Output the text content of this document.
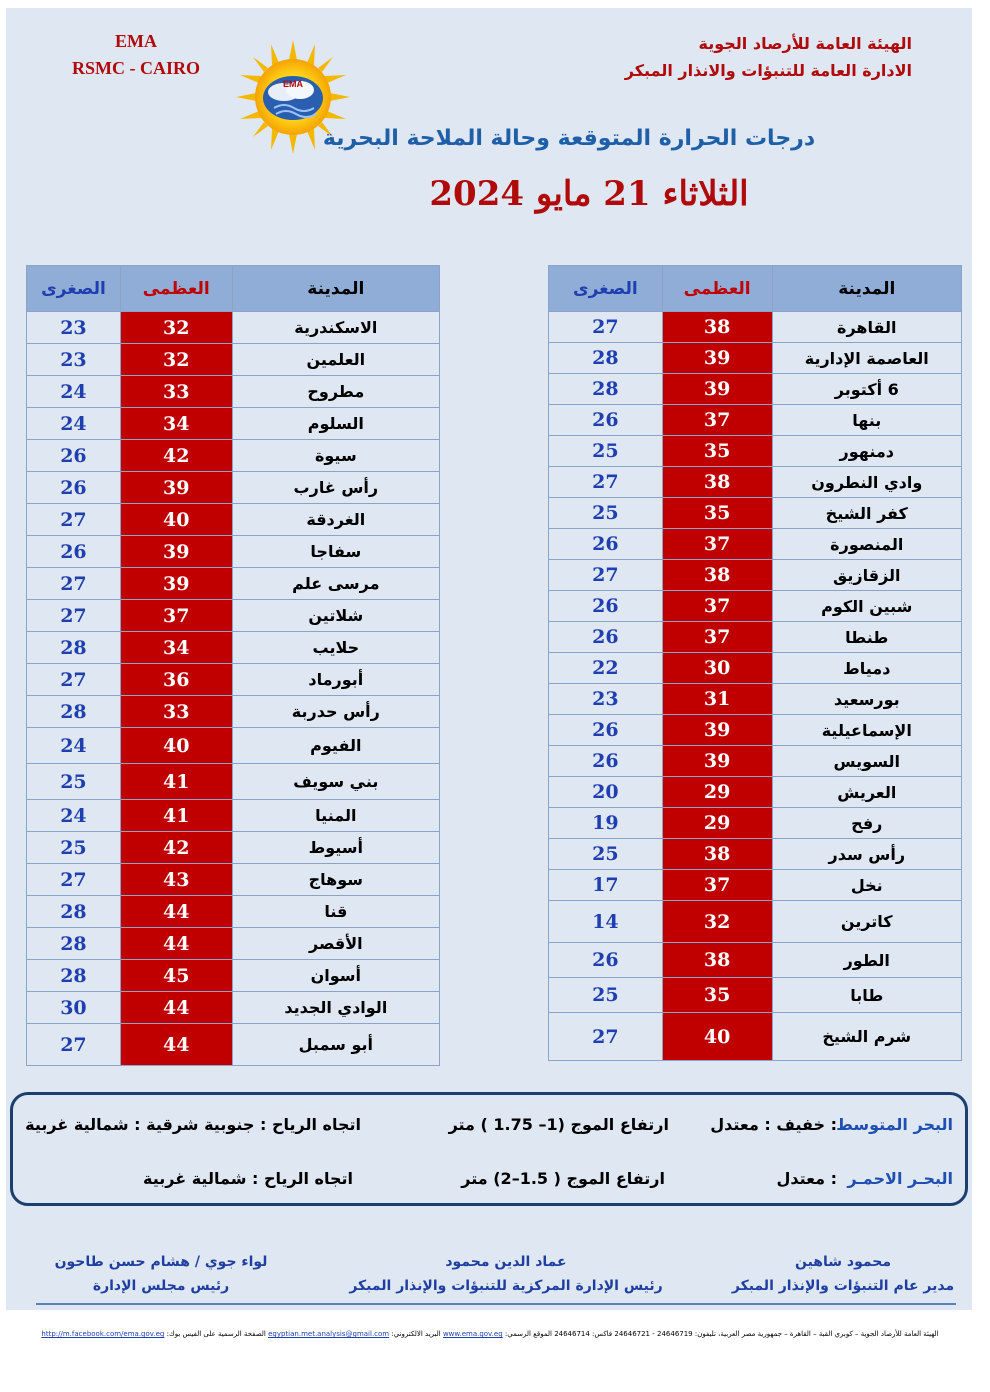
EMA
RSMC - CAIRO
EMA
الهيئة العامة للأرصاد الجوية
الادارة العامة للتنبؤات والانذار المبكر
درجات الحرارة المتوقعة وحالة الملاحة البحرية
الثلاثاء 21 مايو 2024
المدينة	العظمى	الصغرى
القاهرة	38	27
العاصمة الإدارية	39	28
6 أكتوبر	39	28
بنها	37	26
دمنهور	35	25
وادي النطرون	38	27
كفر الشيخ	35	25
المنصورة	37	26
الزقازيق	38	27
شبين الكوم	37	26
طنطا	37	26
دمياط	30	22
بورسعيد	31	23
الإسماعيلية	39	26
السويس	39	26
العريش	29	20
رفح	29	19
رأس سدر	38	25
نخل	37	17
كاترين	32	14
الطور	38	26
طابا	35	25
شرم الشيخ	40	27
المدينة	العظمى	الصغرى
الاسكندرية	32	23
العلمين	32	23
مطروح	33	24
السلوم	34	24
سيوة	42	26
رأس غارب	39	26
الغردقة	40	27
سفاجا	39	26
مرسى علم	39	27
شلاتين	37	27
حلايب	34	28
أبورماد	36	27
رأس حدربة	33	28
الفيوم	40	24
بني سويف	41	25
المنيا	41	24
أسيوط	42	25
سوهاج	43	27
قنا	44	28
الأقصر	44	28
أسوان	45	28
الوادي الجديد	44	30
أبو سمبل	44	27
البحر المتوسط
: خفيف : معتدل
ارتفاع الموج (1– 1.75 ) متر
اتجاه الرياح : جنوبية شرقية : شمالية غربية
البحـر الاحمـر
: معتدل
ارتفاع الموج ( 1.5–2) متر
اتجاه الرياح : شمالية غربية
محمود شاهين
مدير عام التنبؤات والإنذار المبكر
عماد الدين محمود
رئيس الإدارة المركزية للتنبؤات والإنذار المبكر
لواء جوي / هشام حسن طاحون
رئيس مجلس الإدارة
الهيئة العامة للأرصاد الجوية – كوبري القبة – القاهرة – جمهورية مصر العربية، تليفون: 24646719 - 24646721 فاكس: 24646714 الموقع الرسمي: www.ema.gov.eg البريد الالكتروني: egyptian.met.analysis@gmail.com الصفحة الرسمية على الفيس بوك: http://m.facebook.com/ema.gov.eg
